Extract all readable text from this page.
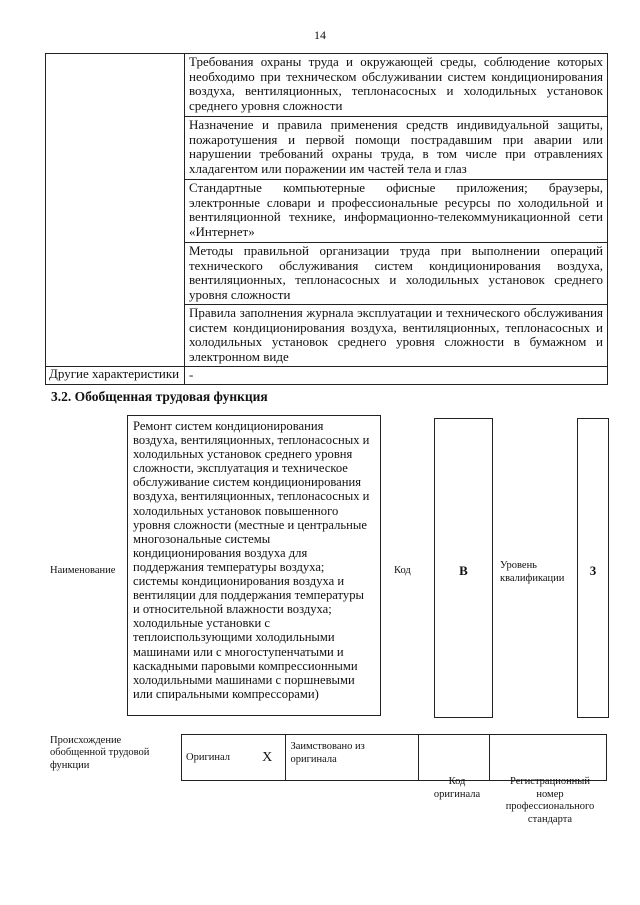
14
	Требования охраны труда и окружающей среды, соблюдение которых необходимо при техническом обслуживании систем кондиционирования воздуха, вентиляционных, теплонасосных и холодильных установок среднего уровня сложности
	Назначение и правила применения средств индивидуальной защиты, пожаротушения и первой помощи пострадавшим при аварии или нарушении требований охраны труда, в том числе при отравлениях хладагентом или поражении им частей тела и глаз
	Стандартные компьютерные офисные приложения; браузеры, электронные словари и профессиональные ресурсы по холодильной и вентиляционной технике, информационно-телекоммуникационной сети «Интернет»
	Методы правильной организации труда при выполнении операций технического обслуживания систем кондиционирования воздуха, вентиляционных, теплонасосных и холодильных установок среднего уровня сложности
	Правила заполнения журнала эксплуатации и технического обслуживания систем кондиционирования воздуха, вентиляционных, теплонасосных и холодильных установок среднего уровня сложности в бумажном и электронном виде
Другие характеристики	-
3.2. Обобщенная трудовая функция
Наименование
Ремонт систем кондиционирования
воздуха, вентиляционных, теплонасосных и
холодильных установок среднего уровня
сложности, эксплуатация и техническое
обслуживание систем кондиционирования
воздуха, вентиляционных, теплонасосных и
холодильных установок повышенного
уровня сложности (местные и центральные
многозональные системы
кондиционирования воздуха для
поддержания температуры воздуха;
системы кондиционирования воздуха и
вентиляции для поддержания температуры
и относительной влажности воздуха;
холодильные установки с
теплоиспользующими холодильными
машинами или с многоступенчатыми и
каскадными паровыми компрессионными
холодильными машинами с поршневыми
или спиральными компрессорами)
Код	В	Уровень
квалификации	3
Происхождение
обобщенной трудовой
функции
Оригинал	X	Заимствовано из
оригинала		
Код
оригинала
Регистрационный
номер
профессионального
стандарта
